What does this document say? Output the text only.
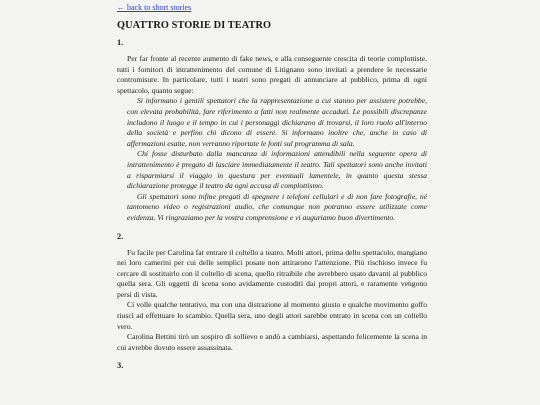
← back to short stories
QUATTRO STORIE DI TEATRO
1.

Per far fronte al recente aumento di fake news, e alla conseguente crescita di teorie complottiste, tutti i fornitori di intrattenimento del comune di Litignano sono invitati a prendere le necessarie contromisure. In particolare, tutti i teatri sono pregati di annunciare al pubblico, prima di ogni spettacolo, quanto segue:

Si informano i gentili spettatori che la rappresentazione a cui stanno per assistere potrebbe, con elevata probabilità, fare riferimento a fatti non realmente accaduti. Le possibili discrepanze includono il luogo e il tempo in cui i personaggi dichiarano di trovarsi, il loro ruolo all'interno della società e perfino chi dicono di essere. Si informano inoltre che, anche in caso di affermazioni esatte, non verranno riportate le fonti sul programma di sala.

Chi fosse disturbato dalla mancanza di informazioni attendibili nella seguente opera di intrattenimento è pregato di lasciare immediatamente il teatro. Tali spettatori sono anche invitati a risparmiarsi il viaggio in questura per eventuali lamentele, in quanto questa stessa dichiarazione protegge il teatro da ogni accusa di complottismo.

Gli spettatori sono infine pregati di spegnere i telefoni cellulari e di non fare fotografie, né tantomeno video o registrazioni audio, che comunque non potranno essere utilizzate come evidenza. Vi ringraziamo per la vostra comprensione e vi auguriamo buon divertimento.

2.

Fu facile per Carolina far entrare il coltello a teatro. Molti attori, prima dello spettacolo, mangiano nei loro camerini per cui delle semplici posate non attirarono l'attenzione. Più rischioso invece fu cercare di sostituirlo con il coltello di scena, quello ritraibile che avrebbero usato davanti al pubblico quella sera. Gli oggetti di scena sono avidamente custoditi dai propri attori, e raramente vengono persi di vista.

Ci volle qualche tentativo, ma con una distrazione al momento giusto e qualche movimento goffo riuscì ad effettuare lo scambio. Quella sera, uno degli attori sarebbe entrato in scena con un coltello vero.

Carolina Bettini tirò un sospiro di sollievo e andò a cambiarsi, aspettando felicemente la scena in cui avrebbe dovuto essere assassinata.

3.
